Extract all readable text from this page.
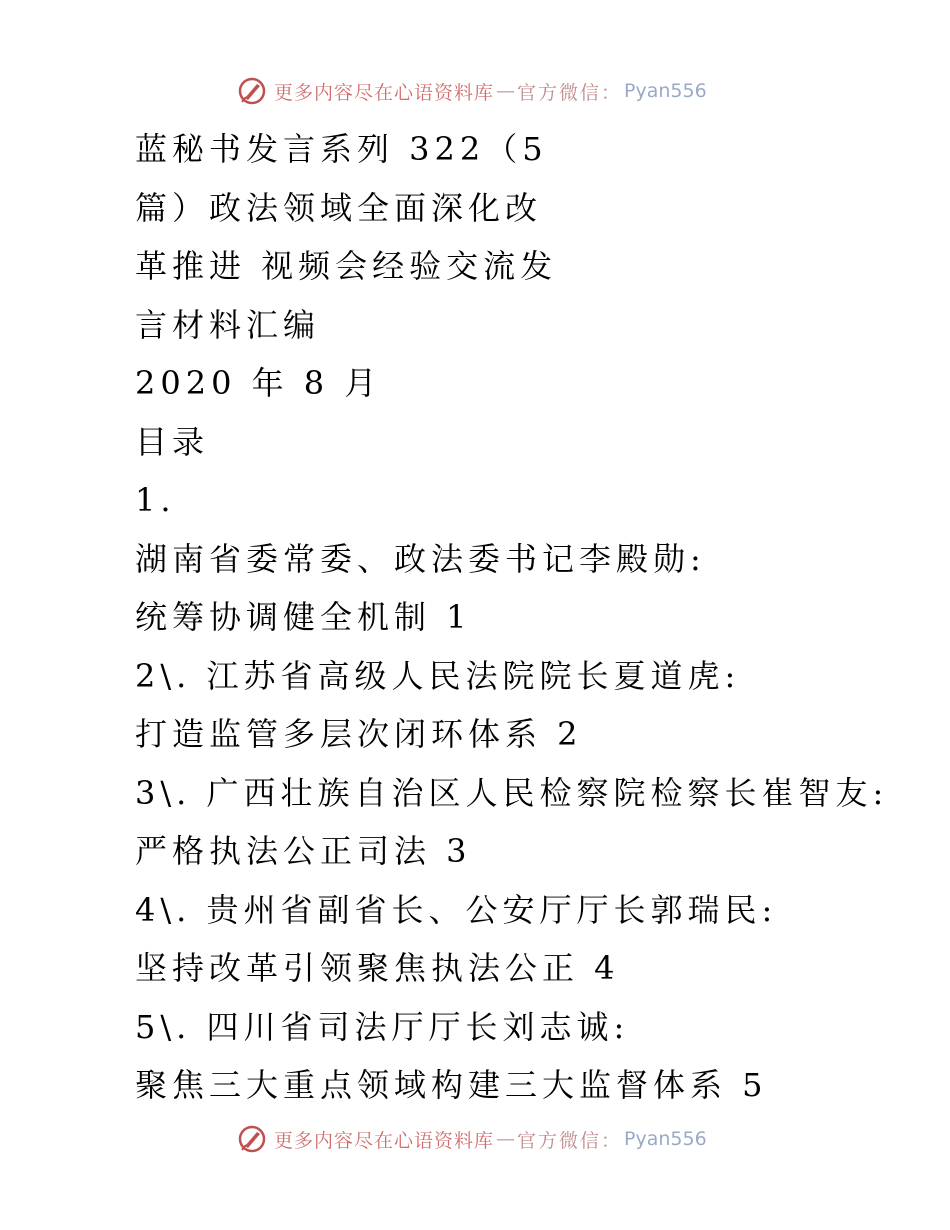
更多内容尽在心语资料库 — 官方微信： Pyan556
蓝秘书发言系列 322（5
篇）政法领域全面深化改
革推进 视频会经验交流发
言材料汇编
2020 年 8 月
目录
1.
湖南省委常委、政法委书记李殿勋:
统筹协调健全机制 1
2\. 江苏省高级人民法院院长夏道虎:
打造监管多层次闭环体系 2
3\. 广西壮族自治区人民检察院检察长崔智友:
严格执法公正司法 3
4\. 贵州省副省长、公安厅厅长郭瑞民:
坚持改革引领聚焦执法公正 4
5\. 四川省司法厅厅长刘志诚:
聚焦三大重点领域构建三大监督体系 5
更多内容尽在心语资料库 — 官方微信： Pyan556
